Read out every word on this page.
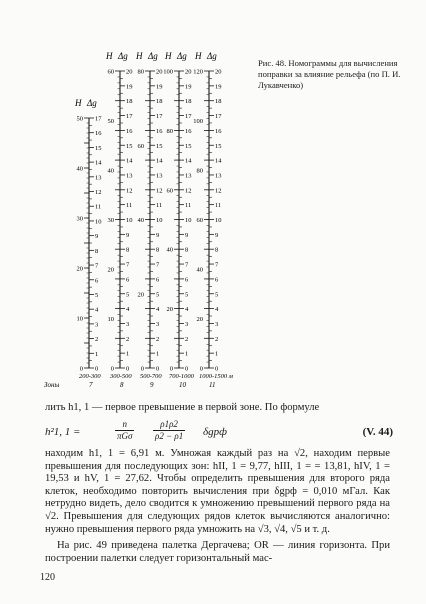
H Δg
0
1
2
3
4
5
6
7
8
9
10
11
12
13
14
15
16
17
0
10
20
30
40
50
200-300
7
H Δg
0
1
2
3
4
5
6
7
8
9
10
11
12
13
14
15
16
17
18
19
20
0
10
20
30
40
50
60
300-500
8
H Δg
0
1
2
3
4
5
6
7
8
9
10
11
12
13
14
15
16
17
18
19
20
0
20
40
60
80
500-700
9
H Δg
0
1
2
3
4
5
6
7
8
9
10
11
12
13
14
15
16
17
18
19
20
0
20
40
60
80
100
700-1000
10
H Δg
0
1
2
3
4
5
6
7
8
9
10
11
12
13
14
15
16
17
18
19
20
0
20
40
60
80
100
120
1000-1500 м
11
Зоны
Рис. 48. Номограммы для вычисления поправки за влияние рельефа (по П. И. Лукавченко)
лить h1, 1 — первое превышение в первой зоне. По формуле
h²1, 1 =
n
πGσ $\frac{\rho 1\rho 2}{\rho 2 - \rho 1}$ δgрф	(V. 44)
находим h1, 1 = 6,91 м. Умножая каждый раз на √2, находим первые превышения для последующих зон: hII, 1 = 9,77, hIII, 1 = = 13,81, hIV, 1 = 19,53 и hV, 1 = 27,62. Чтобы определить превышения для второго ряда клеток, необходимо повторить вычисления при δgрф = 0,010 мГал. Как нетрудно видеть, дело сводится к умножению превышений первого ряда на √2. Превышения для следующих рядов клеток вычисляются аналогично: нужно превышения первого ряда умножить на √3, √4, √5 и т. д.
На рис. 49 приведена палетка Дергачева; OR — линия горизонта. При построении палетки следует горизонтальный мас-
120
